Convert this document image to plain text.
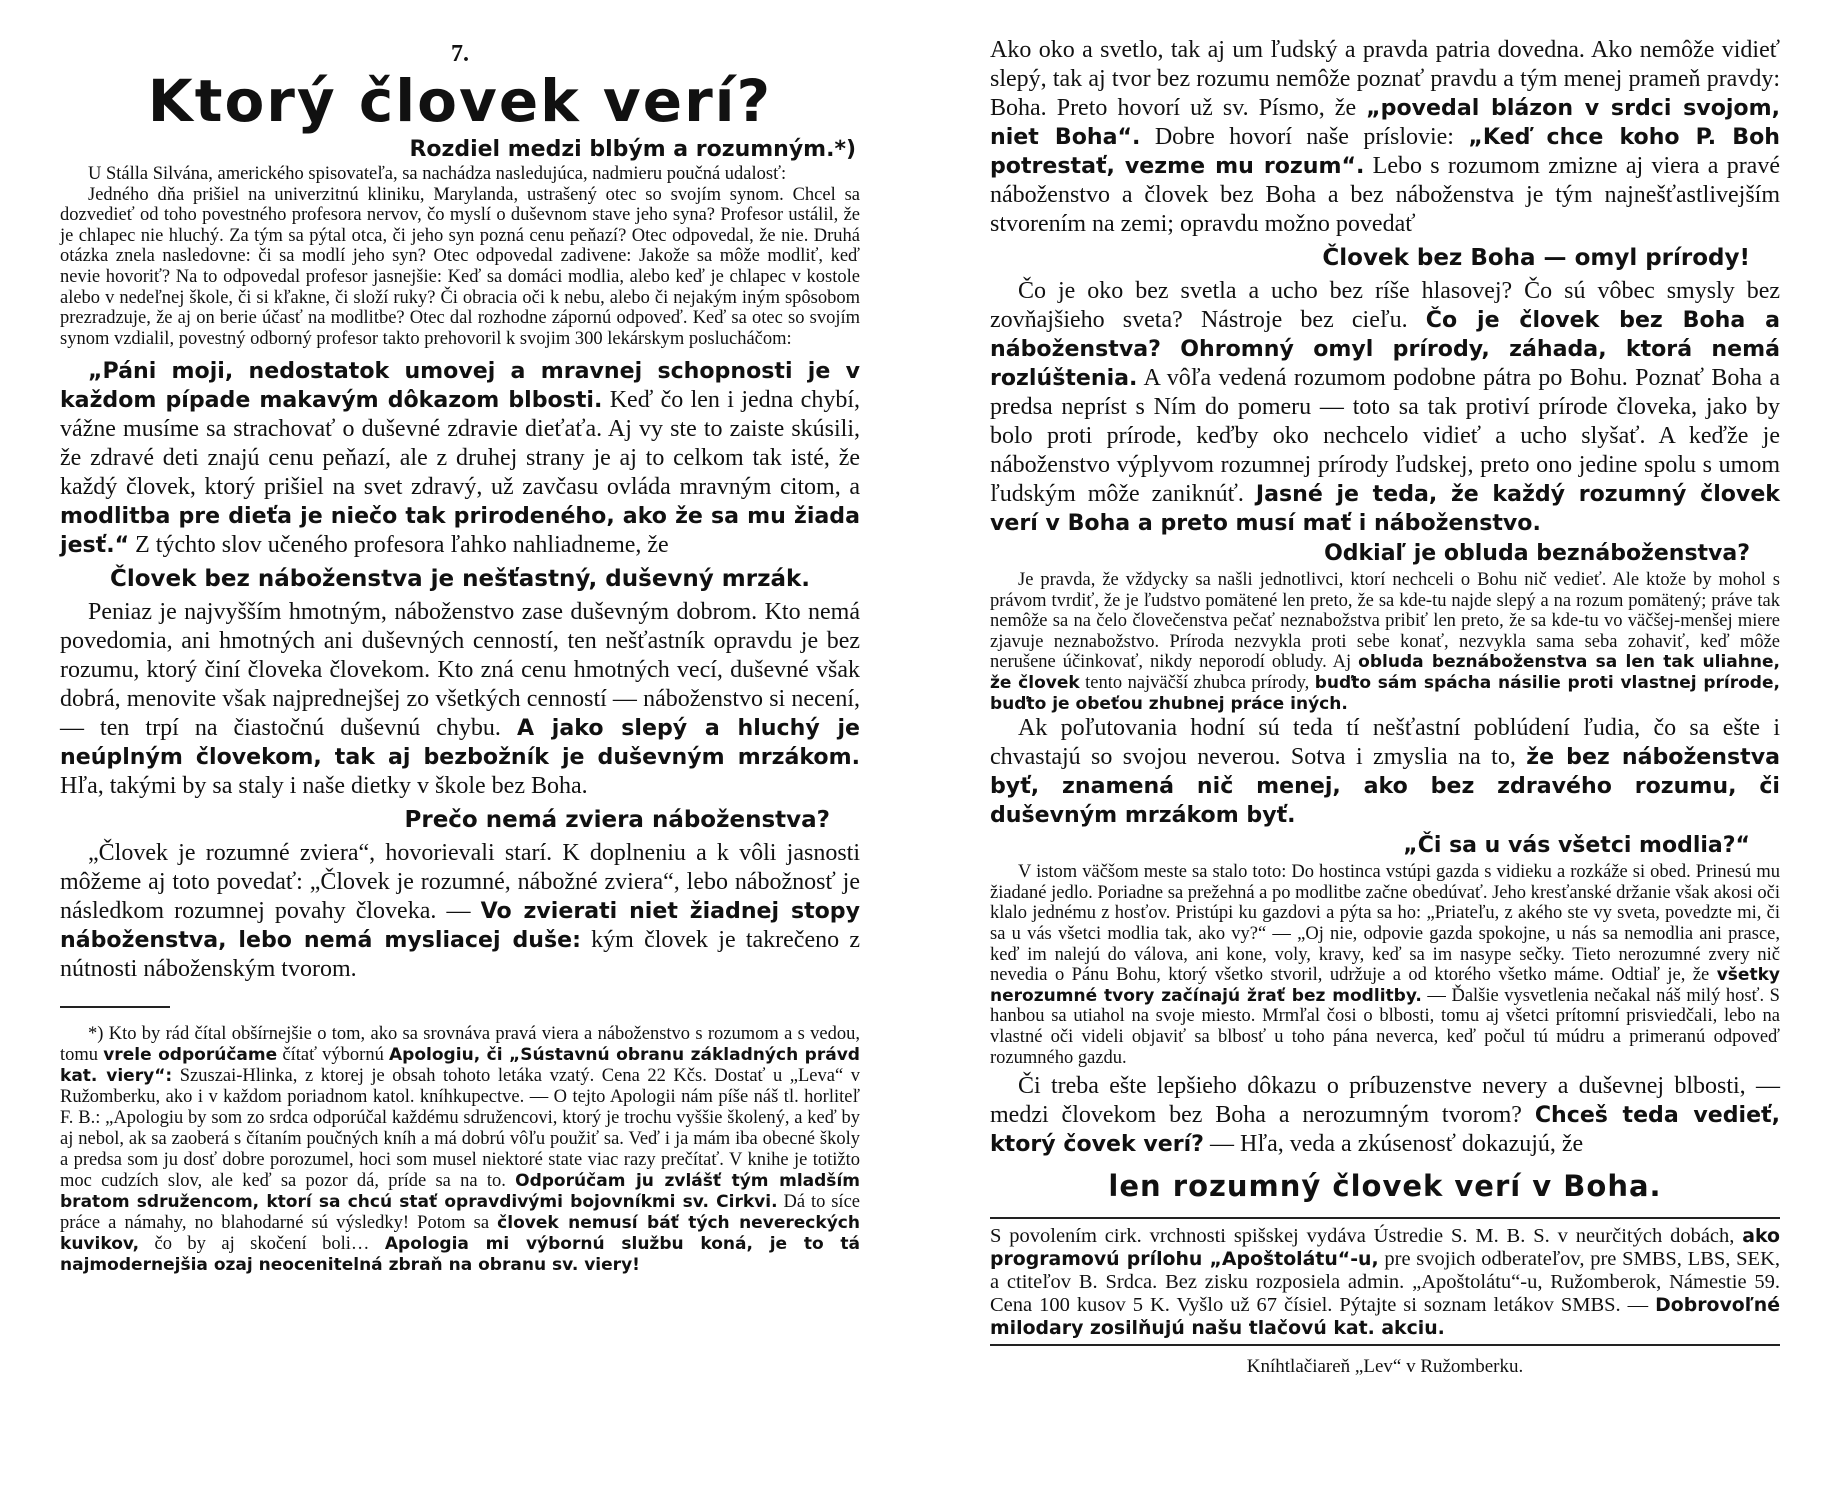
7.
Ktorý človek verí?
Rozdiel medzi blbým a rozumným.*)

U Stálla Silvána, amerického spisovateľa, sa nachádza nasledujúca, nadmieru poučná udalosť:

Jedného dňa prišiel na univerzitnú kliniku, Marylanda, ustrašený otec so svojím synom. Chcel sa dozvedieť od toho povestného profesora nervov, čo myslí o duševnom stave jeho syna? Profesor ustálil, že je chlapec nie hluchý. Za tým sa pýtal otca, či jeho syn pozná cenu peňazí? Otec odpovedal, že nie. Druhá otázka znela nasledovne: či sa modlí jeho syn? Otec odpovedal zadivene: Jakože sa môže modliť, keď nevie hovoriť? Na to odpovedal profesor jasnejšie: Keď sa domáci modlia, alebo keď je chlapec v kostole alebo v nedeľnej škole, či si kľakne, či složí ruky? Či obracia oči k nebu, alebo či nejakým iným spôsobom prezradzuje, že aj on berie účasť na modlitbe? Otec dal rozhodne zápornú odpoveď. Keď sa otec so svojím synom vzdialil, povestný odborný profesor takto prehovoril k svojim 300 lekárskym poslucháčom:

„Páni moji, nedostatok umovej a mravnej schopnosti je v každom pípade makavým dôkazom blbosti. Keď čo len i jedna chybí, vážne musíme sa strachovať o duševné zdravie dieťaťa. Aj vy ste to zaiste skúsili, že zdravé deti znajú cenu peňazí, ale z druhej strany je aj to celkom tak isté, že každý človek, ktorý prišiel na svet zdravý, už zavčasu ovláda mravným citom, a modlitba pre dieťa je niečo tak prirodeného, ako že sa mu žiada jesť.“ Z týchto slov učeného profesora ľahko nahliadneme, že

Človek bez náboženstva je nešťastný, duševný mrzák.

Peniaz je najvyšším hmotným, náboženstvo zase duševným dobrom. Kto nemá povedomia, ani hmotných ani duševných cenností, ten nešťastník opravdu je bez rozumu, ktorý činí človeka človekom. Kto zná cenu hmotných vecí, duševné však dobrá, menovite však najprednejšej zo všetkých cenností — náboženstvo si necení, — ten trpí na čiastočnú duševnú chybu. A jako slepý a hluchý je neúplným človekom, tak aj bezbožník je duševným mrzákom. Hľa, takými by sa staly i naše dietky v škole bez Boha.

Prečo nemá zviera náboženstva?

„Človek je rozumné zviera“, hovorievali starí. K doplneniu a k vôli jasnosti môžeme aj toto povedať: „Človek je rozumné, nábožné zviera“, lebo nábožnosť je následkom rozumnej povahy človeka. — Vo zvierati niet žiadnej stopy náboženstva, lebo nemá mysliacej duše: kým človek je takrečeno z nútnosti náboženským tvorom.

*) Kto by rád čítal obšírnejšie o tom, ako sa srovnáva pravá viera a náboženstvo s rozumom a s vedou, tomu vrele odporúčame čítať výbornú Apologiu, či „Sústavnú obranu základných právd kat. viery“: Szuszai-Hlinka, z ktorej je obsah tohoto letáka vzatý. Cena 22 Kčs. Dostať u „Leva“ v Ružomberku, ako i v každom poriadnom katol. kníhkupectve. — O tejto Apologii nám píše náš tl. horliteľ F. B.: „Apologiu by som zo srdca odporúčal každému sdružencovi, ktorý je trochu vyššie školený, a keď by aj nebol, ak sa zaoberá s čítaním poučných kníh a má dobrú vôľu použiť sa. Veď i ja mám iba obecné školy a predsa som ju dosť dobre porozumel, hoci som musel niektoré state viac razy prečítať. V knihe je totižto moc cudzích slov, ale keď sa pozor dá, príde sa na to. Odporúčam ju zvlášť tým mladším bratom sdružencom, ktorí sa chcú stať opravdivými bojovníkmi sv. Cirkvi. Dá to síce práce a námahy, no blahodarné sú výsledky! Potom sa človek nemusí báť tých nevereckých kuvikov, čo by aj skočení boli… Apologia mi výbornú službu koná, je to tá najmodernejšia ozaj neocenitelná zbraň na obranu sv. viery!

Ako oko a svetlo, tak aj um ľudský a pravda patria dovedna. Ako nemôže vidieť slepý, tak aj tvor bez rozumu nemôže poznať pravdu a tým menej prameň pravdy: Boha. Preto hovorí už sv. Písmo, že „povedal blázon v srdci svojom, niet Boha“. Dobre hovorí naše príslovie: „Keď chce koho P. Boh potrestať, vezme mu rozum“. Lebo s rozumom zmizne aj viera a pravé náboženstvo a človek bez Boha a bez náboženstva je tým najnešťastlivejším stvorením na zemi; opravdu možno povedať

Človek bez Boha — omyl prírody!

Čo je oko bez svetla a ucho bez ríše hlasovej? Čo sú vôbec smysly bez zovňajšieho sveta? Nástroje bez cieľu. Čo je človek bez Boha a náboženstva? Ohromný omyl prírody, záhada, ktorá nemá rozlúštenia. A vôľa vedená rozumom podobne pátra po Bohu. Poznať Boha a predsa nepríst s Ním do pomeru — toto sa tak protiví prírode človeka, jako by bolo proti prírode, keďby oko nechcelo vidieť a ucho slyšať. A keďže je náboženstvo výplyvom rozumnej prírody ľudskej, preto ono jedine spolu s umom ľudským môže zaniknúť. Jasné je teda, že každý rozumný človek verí v Boha a preto musí mať i náboženstvo.

Odkiaľ je obluda beznáboženstva?

Je pravda, že vždycky sa našli jednotlivci, ktorí nechceli o Bohu nič vedieť. Ale ktože by mohol s právom tvrdiť, že je ľudstvo pomätené len preto, že sa kde-tu najde slepý a na rozum pomätený; práve tak nemôže sa na čelo človečenstva pečať neznabožstva pribiť len preto, že sa kde-tu vo väčšej-menšej miere zjavuje neznabožstvo. Príroda nezvykla proti sebe konať, nezvykla sama seba zohaviť, keď môže nerušene účinkovať, nikdy neporodí obludy. Aj obluda beznáboženstva sa len tak uliahne, že človek tento najväčší zhubca prírody, buďto sám spácha násilie proti vlastnej prírode, buďto je obeťou zhubnej práce iných.

Ak poľutovania hodní sú teda tí nešťastní poblúdení ľudia, čo sa ešte i chvastajú so svojou neverou. Sotva i zmyslia na to, že bez náboženstva byť, znamená nič menej, ako bez zdravého rozumu, či duševným mrzákom byť.

„Či sa u vás všetci modlia?“

V istom väčšom meste sa stalo toto: Do hostinca vstúpi gazda s vidieku a rozkáže si obed. Prinesú mu žiadané jedlo. Poriadne sa prežehná a po modlitbe začne obedúvať. Jeho kresťanské držanie však akosi oči klalo jednému z hosťov. Pristúpi ku gazdovi a pýta sa ho: „Priateľu, z akého ste vy sveta, povedzte mi, či sa u vás všetci modlia tak, ako vy?“ — „Oj nie, odpovie gazda spokojne, u nás sa nemodlia ani prasce, keď im nalejú do válova, ani kone, voly, kravy, keď sa im nasype sečky. Tieto nerozumné zvery nič nevedia o Pánu Bohu, ktorý všetko stvoril, udržuje a od ktorého všetko máme. Odtiaľ je, že všetky nerozumné tvory začínajú žrať bez modlitby. — Ďalšie vysvetlenia nečakal náš milý hosť. S hanbou sa utiahol na svoje miesto. Mrmľal čosi o blbosti, tomu aj všetci prítomní prisviedčali, lebo na vlastné oči videli objaviť sa blbosť u toho pána neverca, keď počul tú múdru a primeranú odpoveď rozumného gazdu.

Či treba ešte lepšieho dôkazu o príbuzenstve nevery a duševnej blbosti, — medzi človekom bez Boha a nerozumným tvorom? Chceš teda vedieť, ktorý čovek verí? — Hľa, veda a zkúsenosť dokazujú, že

len rozumný človek verí v Boha.

S povolením cirk. vrchnosti spišskej vydáva Ústredie S. M. B. S. v neurčitých dobách, ako programovú prílohu „Apoštolátu“-u, pre svojich odberateľov, pre SMBS, LBS, SEK, a ctiteľov B. Srdca. Bez zisku rozposiela admin. „Apoštolátu“-u, Ružomberok, Námestie 59. Cena 100 kusov 5 K. Vyšlo už 67 čísiel. Pýtajte si soznam letákov SMBS. — Dobrovoľné milodary zosilňujú našu tlačovú kat. akciu.

Kníhtlačiareň „Lev“ v Ružomberku.
